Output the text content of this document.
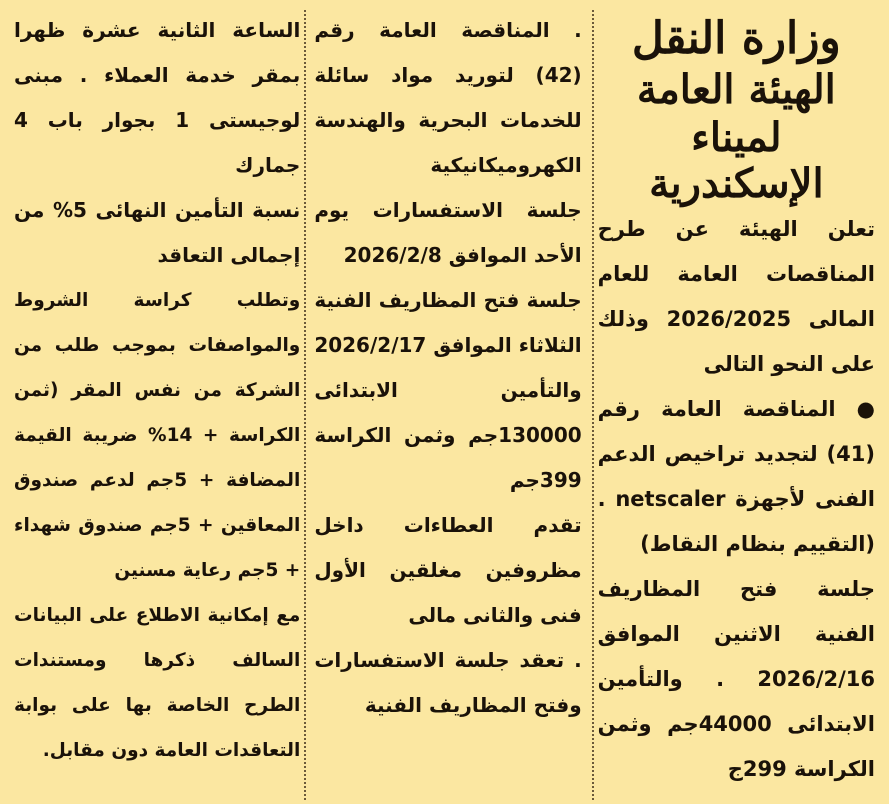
وزارة النقل
الهيئة العامة
لميناء الإسكندرية

تعلن الهيئة عن طرح المناقصات العامة للعام المالى 2026/2025 وذلك على النحو التالى

● المناقصة العامة رقم (41) لتجديد تراخيص الدعم الفنى لأجهزة netscaler . (التقييم بنظام النقاط)

جلسة فتح المظاريف الفنية الاثنين الموافق 2026/2/16 . والتأمين الابتدائى 44000جم وثمن الكراسة 299ج

. المناقصة العامة رقم (42) لتوريد مواد سائلة للخدمات البحرية والهندسة الكهروميكانيكية

جلسة الاستفسارات يوم الأحد الموافق 2026/2/8

جلسة فتح المظاريف الفنية الثلاثاء الموافق 2026/2/17 والتأمين الابتدائى 130000جم وثمن الكراسة 399جم

تقدم العطاءات داخل مظروفين مغلقين الأول فنى والثانى مالى

. تعقد جلسة الاستفسارات وفتح المظاريف الفنية

الساعة الثانية عشرة ظهرا بمقر خدمة العملاء . مبنى لوجيستى 1 بجوار باب 4 جمارك

نسبة التأمين النهائى 5% من إجمالى التعاقد

وتطلب كراسة الشروط والمواصفات بموجب طلب من الشركة من نفس المقر (ثمن الكراسة + 14% ضريبة القيمة المضافة + 5جم لدعم صندوق المعاقين + 5جم صندوق شهداء + 5جم رعاية مسنين

مع إمكانية الاطلاع على البيانات السالف ذكرها ومستندات الطرح الخاصة بها على بوابة التعاقدات العامة دون مقابل.
